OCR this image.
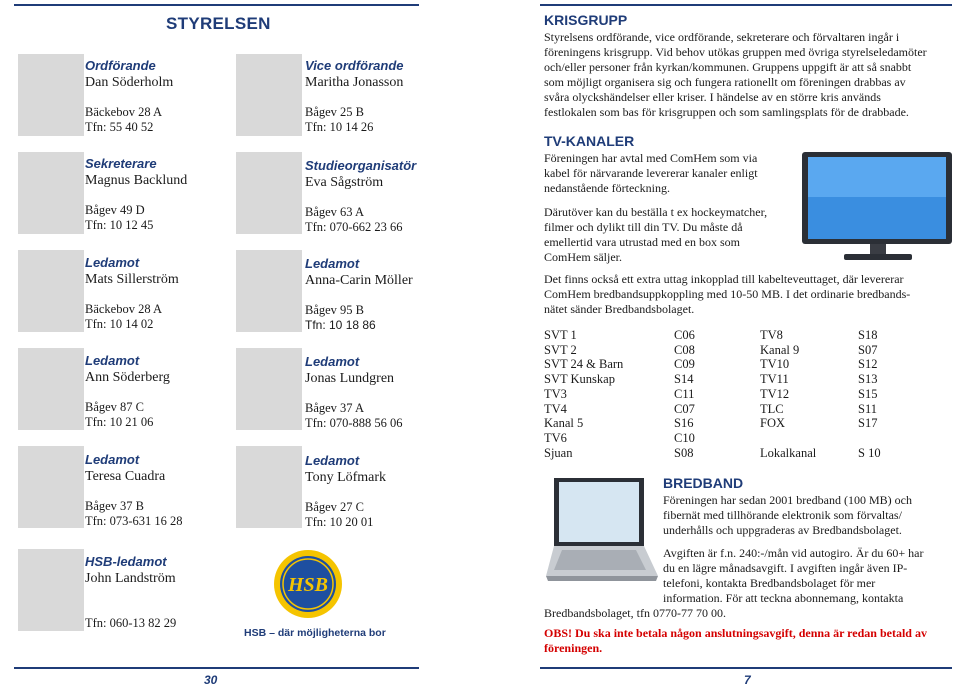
STYRELSEN
Ordförande
Dan Söderholm
Bäckebov 28 A
Tfn: 55 40 52
Sekreterare
Magnus Backlund
Bågev 49 D
Tfn: 10 12 45
Ledamot
Mats Sillerström
Bäckebov 28 A
Tfn: 10 14 02
Ledamot
Ann Söderberg
Bågev 87 C
Tfn: 10 21 06
Ledamot
Teresa Cuadra
Bågev 37 B
Tfn: 073-631 16 28
HSB-ledamot
John Landström
Tfn: 060-13 82 29
Vice ordförande
Maritha Jonasson
Bågev 25 B
Tfn: 10 14 26
Studieorganisatör
Eva Sågström
Bågev 63 A
Tfn: 070-662 23 66
Ledamot
Anna-Carin Möller
Bågev 95 B
Tfn: 10 18 86
Ledamot
Jonas Lundgren
Bågev 37 A
Tfn: 070-888 56 06
Ledamot
Tony Löfmark
Bågev 27 C
Tfn: 10 20 01
HSB
HSB – där möjligheterna bor
30
KRISGRUPP
Styrelsens ordförande, vice ordförande, sekreterare och förvaltaren ingår i
föreningens krisgrupp. Vid behov utökas gruppen med övriga styrelseledamöter
och/eller personer från kyrkan/kommunen. Gruppens uppgift är att så snabbt
som möjligt organisera sig och fungera rationellt om föreningen drabbas av
svåra olyckshändelser eller kriser. I händelse av en större kris används
festlokalen som bas för krisgruppen och som samlingsplats för de drabbade.
TV-KANALER
Föreningen har avtal med ComHem som via
kabel för närvarande levererar kanaler enligt
nedanstående förteckning.
Därutöver kan du beställa t ex hockeymatcher,
filmer och dylikt till din TV. Du måste då
emellertid vara utrustad med en box som
ComHem säljer.
Det finns också ett extra uttag inkopplad till kabelteveuttaget, där levererar
ComHem bredbandsuppkoppling med 10-50 MB. I det ordinarie bredbands-
nätet sänder Bredbandsbolaget.
SVT 1	C06	TV8	S18
SVT 2	C08	Kanal 9	S07
SVT 24 & Barn	C09	TV10	S12
SVT Kunskap	S14	TV11	S13
TV3	C11	TV12	S15
TV4	C07	TLC	S11
Kanal 5	S16	FOX	S17
TV6	C10		
Sjuan	S08	Lokalkanal	S 10
BREDBAND
Föreningen har sedan 2001 bredband (100 MB) och
fibernät med tillhörande elektronik som förvaltas/
underhålls och uppgraderas av Bredbandsbolaget.
Avgiften är f.n. 240:-/mån vid autogiro. Är du 60+ har
du en lägre månadsavgift. I avgiften ingår även IP-
telefoni, kontakta Bredbandsbolaget för mer
information. För att teckna abonnemang, kontakta
Bredbandsbolaget, tfn 0770-77 70 00.
OBS! Du ska inte betala någon anslutningsavgift, denna är redan betald av
föreningen.
7
